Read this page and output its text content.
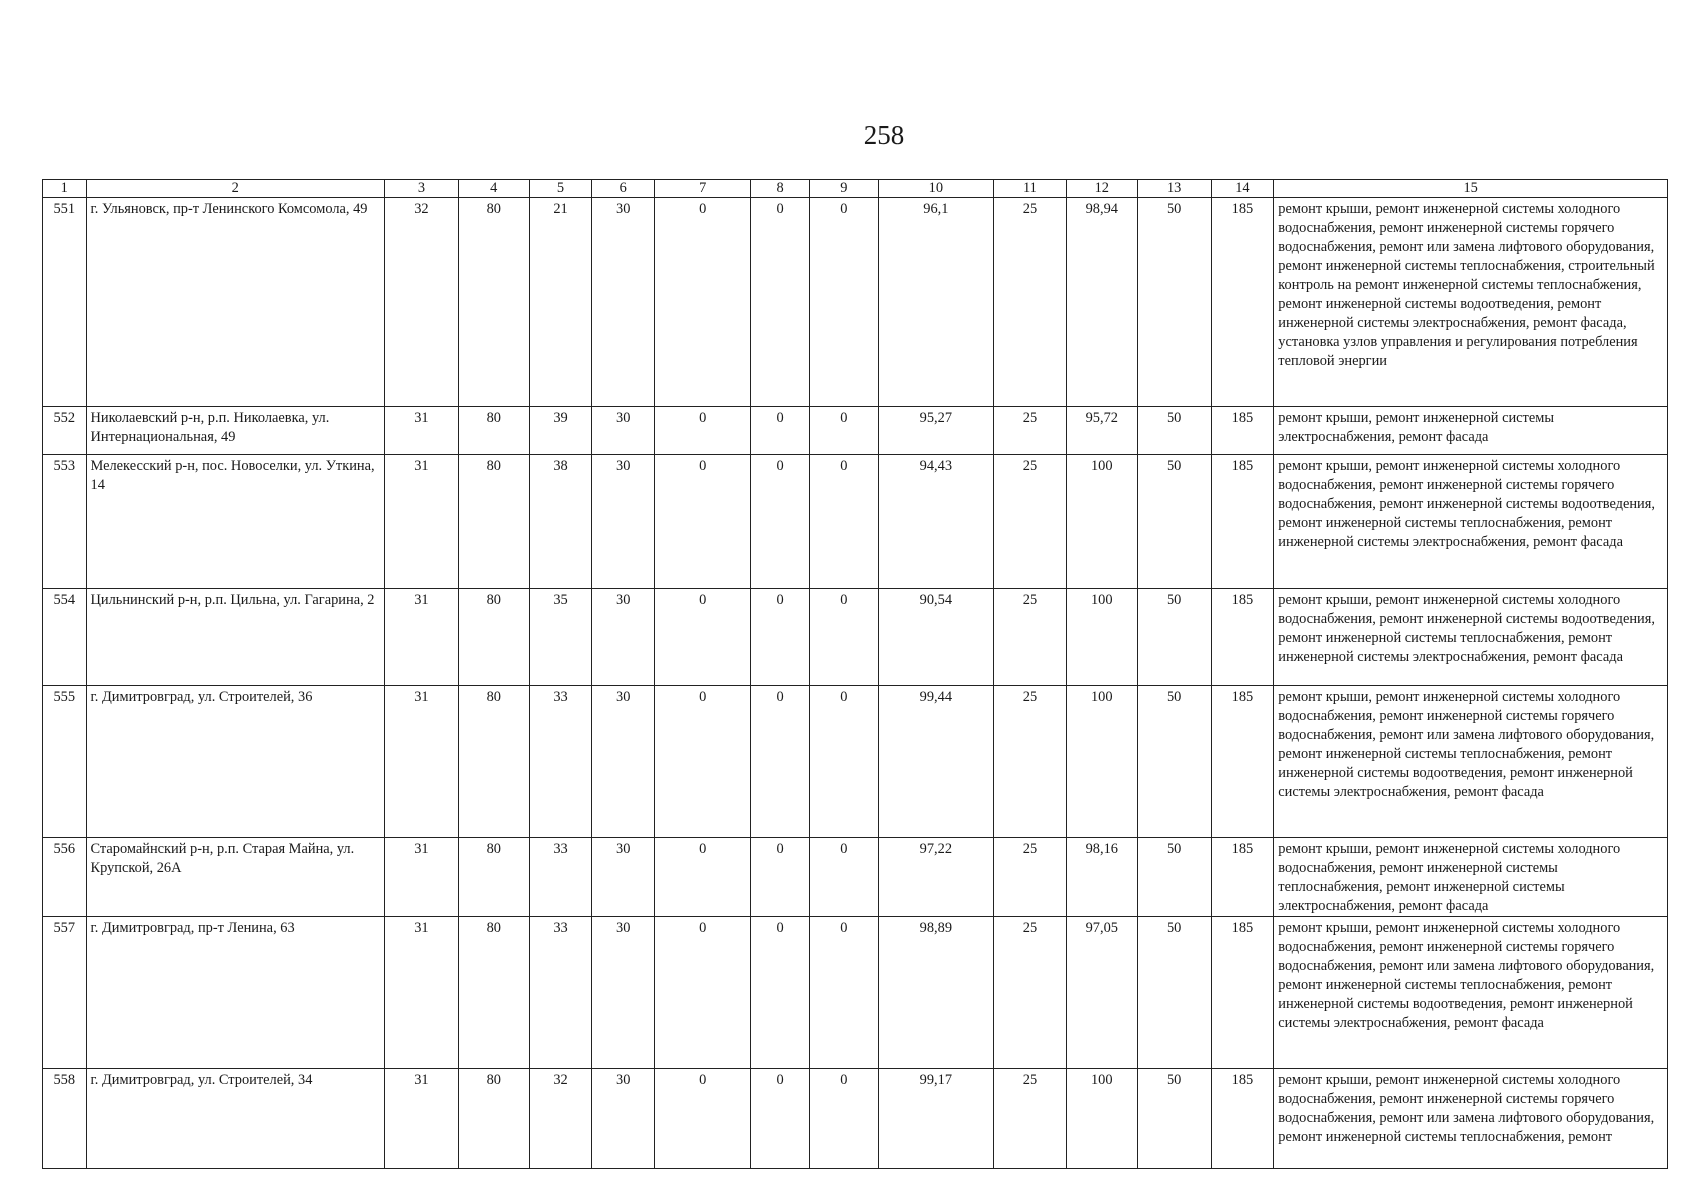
258
1	2	3	4	5	6	7	8	9	10	11	12	13	14	15
551	г. Ульяновск, пр-т Ленинского Комсомола, 49	32	80	21	30	0	0	0	96,1	25	98,94	50	185	ремонт крыши, ремонт инженерной системы холодного водоснабжения, ремонт инженерной системы горячего водоснабжения, ремонт или замена лифтового оборудования, ремонт инженерной системы теплоснабжения, строительный контроль на ремонт инженерной системы теплоснабжения, ремонт инженерной системы водоотведения, ремонт инженерной системы электроснабжения, ремонт фасада, установка узлов управления и регулирования потребления тепловой энергии
552	Николаевский р-н, р.п. Николаевка, ул. Интернациональная, 49	31	80	39	30	0	0	0	95,27	25	95,72	50	185	ремонт крыши, ремонт инженерной системы электроснабжения, ремонт фасада
553	Мелекесский р-н, пос. Новоселки, ул. Уткина, 14	31	80	38	30	0	0	0	94,43	25	100	50	185	ремонт крыши, ремонт инженерной системы холодного водоснабжения, ремонт инженерной системы горячего водоснабжения, ремонт инженерной системы водоотведения, ремонт инженерной системы теплоснабжения, ремонт инженерной системы электроснабжения, ремонт фасада
554	Цильнинский р-н, р.п. Цильна, ул. Гагарина, 2	31	80	35	30	0	0	0	90,54	25	100	50	185	ремонт крыши, ремонт инженерной системы холодного водоснабжения, ремонт инженерной системы водоотведения, ремонт инженерной системы теплоснабжения, ремонт инженерной системы электроснабжения, ремонт фасада
555	г. Димитровград, ул. Строителей, 36	31	80	33	30	0	0	0	99,44	25	100	50	185	ремонт крыши, ремонт инженерной системы холодного водоснабжения, ремонт инженерной системы горячего водоснабжения, ремонт или замена лифтового оборудования, ремонт инженерной системы теплоснабжения, ремонт инженерной системы водоотведения, ремонт инженерной системы электроснабжения, ремонт фасада
556	Старомайнский р-н, р.п. Старая Майна, ул. Крупской, 26А	31	80	33	30	0	0	0	97,22	25	98,16	50	185	ремонт крыши, ремонт инженерной системы холодного водоснабжения, ремонт инженерной системы теплоснабжения, ремонт инженерной системы электроснабжения, ремонт фасада
557	г. Димитровград, пр-т Ленина, 63	31	80	33	30	0	0	0	98,89	25	97,05	50	185	ремонт крыши, ремонт инженерной системы холодного водоснабжения, ремонт инженерной системы горячего водоснабжения, ремонт или замена лифтового оборудования, ремонт инженерной системы теплоснабжения, ремонт инженерной системы водоотведения, ремонт инженерной системы электроснабжения, ремонт фасада
558	г. Димитровград, ул. Строителей, 34	31	80	32	30	0	0	0	99,17	25	100	50	185	ремонт крыши, ремонт инженерной системы холодного водоснабжения, ремонт инженерной системы горячего водоснабжения, ремонт или замена лифтового оборудования, ремонт инженерной системы теплоснабжения, ремонт
